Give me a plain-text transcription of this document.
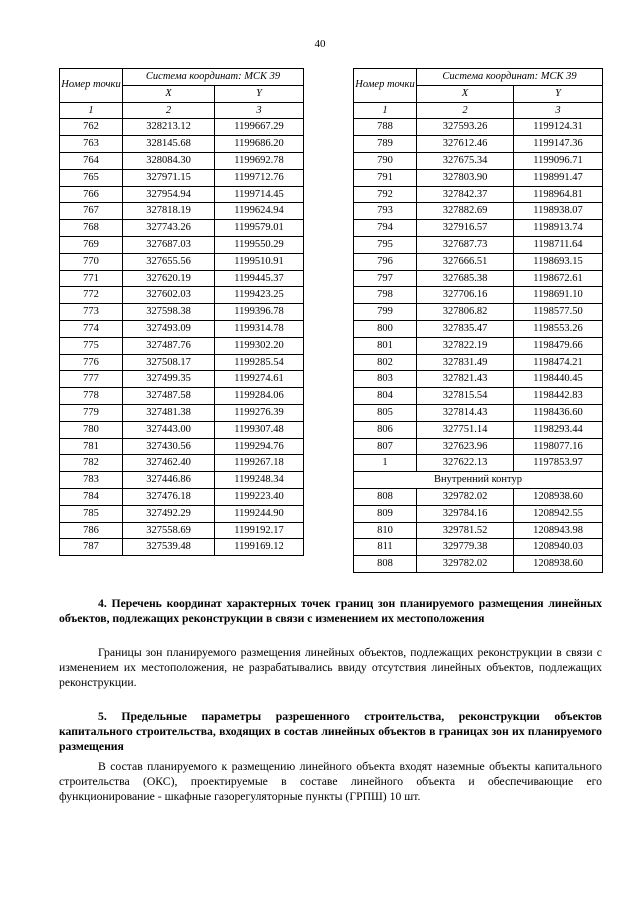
40
Номер точки	Система координат: МСК 39	
	X	Y
1	2	3
762	328213.12	1199667.29
763	328145.68	1199686.20
764	328084.30	1199692.78
765	327971.15	1199712.76
766	327954.94	1199714.45
767	327818.19	1199624.94
768	327743.26	1199579.01
769	327687.03	1199550.29
770	327655.56	1199510.91
771	327620.19	1199445.37
772	327602.03	1199423.25
773	327598.38	1199396.78
774	327493.09	1199314.78
775	327487.76	1199302.20
776	327508.17	1199285.54
777	327499.35	1199274.61
778	327487.58	1199284.06
779	327481.38	1199276.39
780	327443.00	1199307.48
781	327430.56	1199294.76
782	327462.40	1199267.18
783	327446.86	1199248.34
784	327476.18	1199223.40
785	327492.29	1199244.90
786	327558.69	1199192.17
787	327539.48	1199169.12
Номер точки	Система координат: МСК 39	
	X	Y
1	2	3
788	327593.26	1199124.31
789	327612.46	1199147.36
790	327675.34	1199096.71
791	327803.90	1198991.47
792	327842.37	1198964.81
793	327882.69	1198938.07
794	327916.57	1198913.74
795	327687.73	1198711.64
796	327666.51	1198693.15
797	327685.38	1198672.61
798	327706.16	1198691.10
799	327806.82	1198577.50
800	327835.47	1198553.26
801	327822.19	1198479.66
802	327831.49	1198474.21
803	327821.43	1198440.45
804	327815.54	1198442.83
805	327814.43	1198436.60
806	327751.14	1198293.44
807	327623.96	1198077.16
1	327622.13	1197853.97
Внутренний контур		
808	329782.02	1208938.60
809	329784.16	1208942.55
810	329781.52	1208943.98
811	329779.38	1208940.03
808	329782.02	1208938.60
4. Перечень координат характерных точек границ зон планируемого размещения линейных объектов, подлежащих реконструкции в связи с изменением их местоположения
Границы зон планируемого размещения линейных объектов, подлежащих реконструкции в связи с изменением их местоположения, не разрабатывались ввиду отсутствия линейных объектов, подлежащих реконструкции.
5. Предельные параметры разрешенного строительства, реконструкции объектов капитального строительства, входящих в состав линейных объектов в границах зон их планируемого размещения
В состав планируемого к размещению линейного объекта входят наземные объекты капитального строительства (ОКС), проектируемые в составе линейного объекта и обеспечивающие его функционирование - шкафные газорегуляторные пункты (ГРПШ) 10 шт.
